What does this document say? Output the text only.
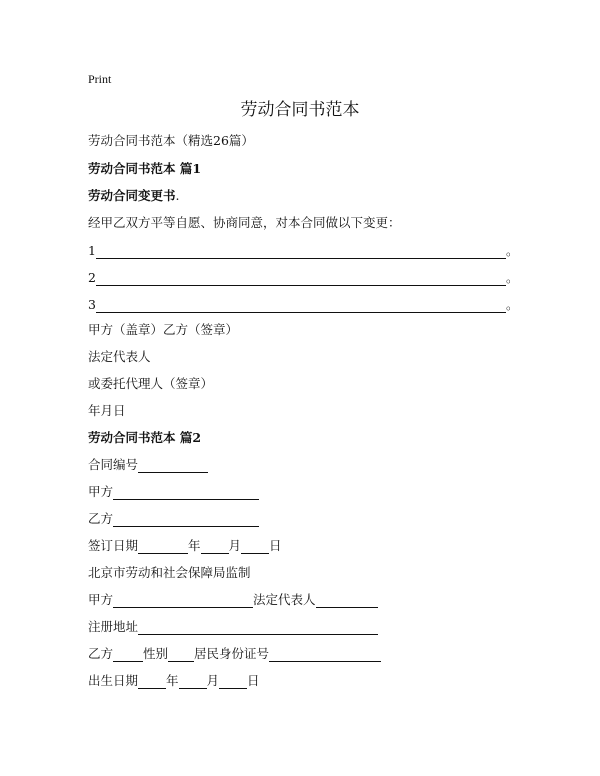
Print
劳动合同书范本
劳动合同书范本（精选26篇）
劳动合同书范本 篇1
劳动合同变更书.
经甲乙双方平等自愿、协商同意，对本合同做以下变更：
1	。
2	。
3	。
甲方（盖章）乙方（签章）
法定代表人
或委托代理人（签章）
年月日
劳动合同书范本 篇2
合同编号
甲方
乙方
签订日期	年 月 日
北京市劳动和社会保障局监制
甲方	法定代表人
注册地址
乙方 性别 居民身份证号
出生日期 年 月 日
